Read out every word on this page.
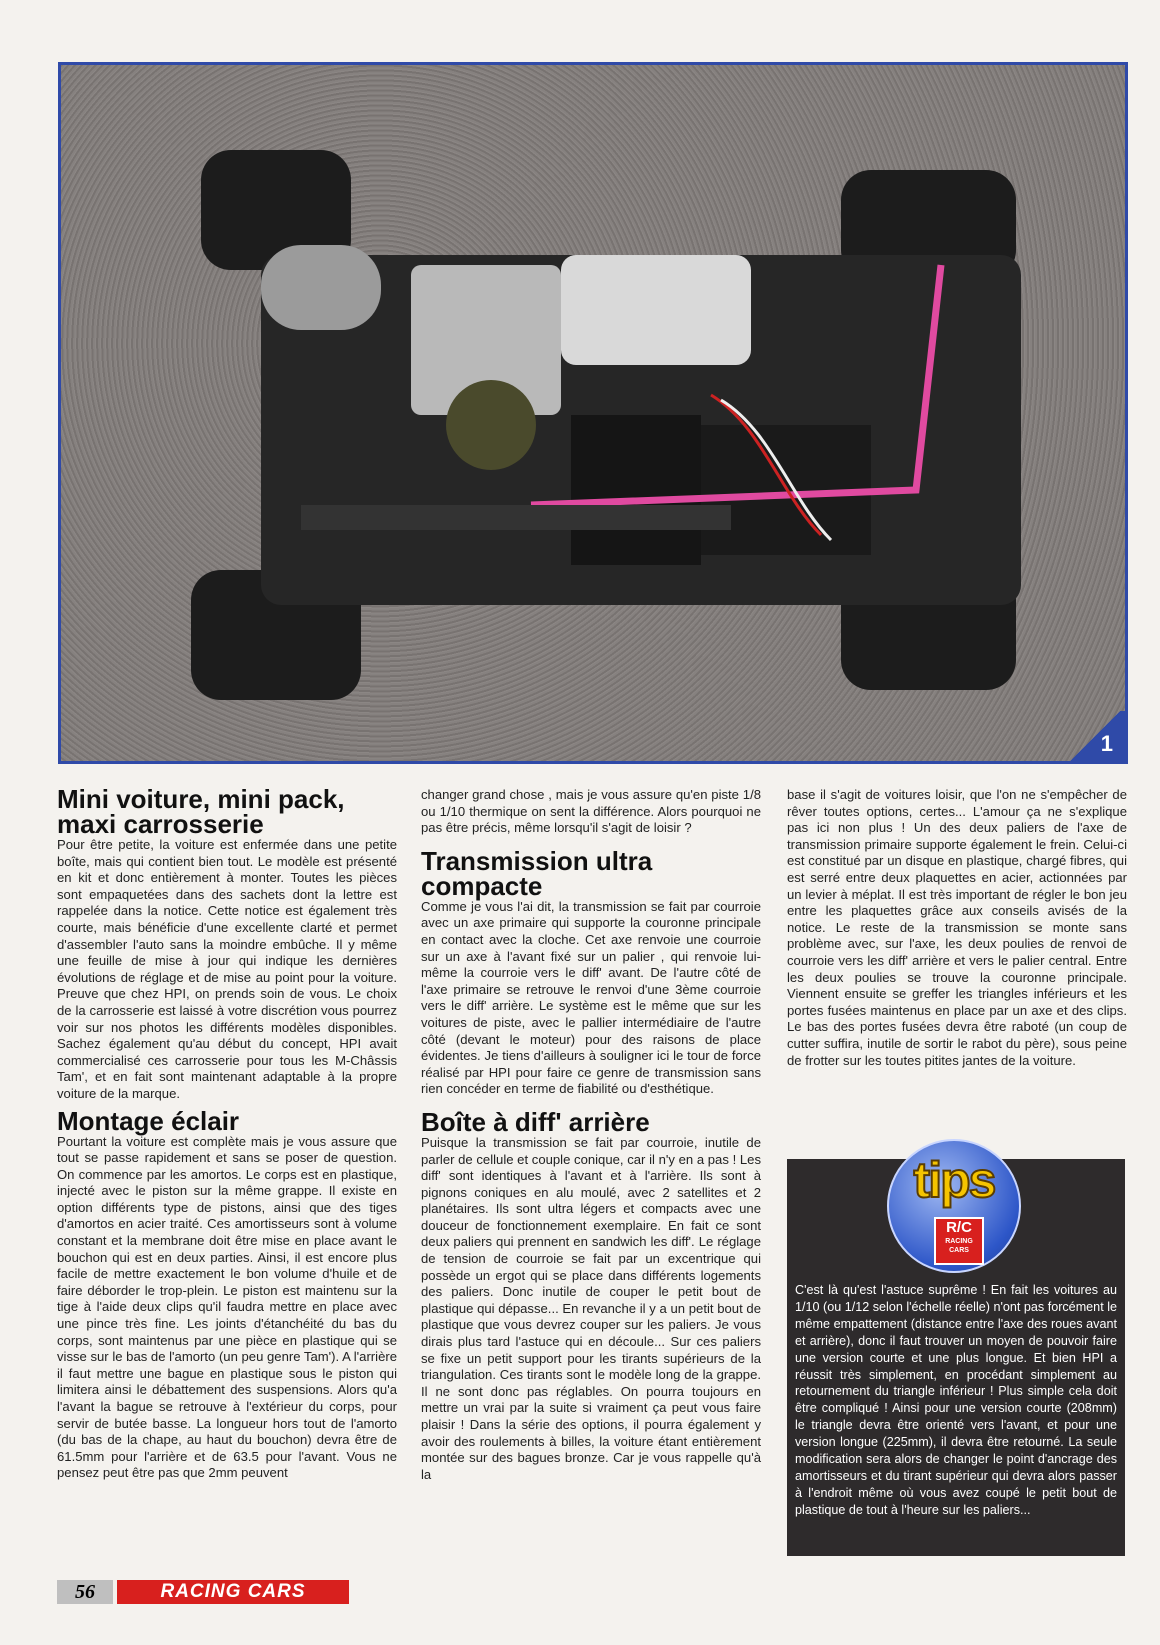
1
Mini voiture, mini pack, maxi carrosserie

Pour être petite, la voiture est enfermée dans une petite boîte, mais qui contient bien tout. Le modèle est présenté en kit et donc entièrement à monter. Toutes les pièces sont empaquetées dans des sachets dont la lettre est rappelée dans la notice. Cette notice est également très courte, mais bénéficie d'une excellente clarté et permet d'assembler l'auto sans la moindre embûche. Il y même une feuille de mise à jour qui indique les dernières évolutions de réglage et de mise au point pour la voiture. Preuve que chez HPI, on prends soin de vous. Le choix de la carrosserie est laissé à votre discrétion vous pourrez voir sur nos photos les différents modèles disponibles. Sachez également qu'au début du concept, HPI avait commercialisé ces carrosserie pour tous les M-Châssis Tam', et en fait sont maintenant adaptable à la propre voiture de la marque.

Montage éclair

Pourtant la voiture est complète mais je vous assure que tout se passe rapidement et sans se poser de question. On commence par les amortos. Le corps est en plastique, injecté avec le piston sur la même grappe. Il existe en option différents type de pistons, ainsi que des tiges d'amortos en acier traité. Ces amortisseurs sont à volume constant et la membrane doit être mise en place avant le bouchon qui est en deux parties. Ainsi, il est encore plus facile de mettre exactement le bon volume d'huile et de faire déborder le trop-plein. Le piston est maintenu sur la tige à l'aide deux clips qu'il faudra mettre en place avec une pince très fine. Les joints d'étanchéité du bas du corps, sont maintenus par une pièce en plastique qui se visse sur le bas de l'amorto (un peu genre Tam'). A l'arrière il faut mettre une bague en plastique sous le piston qui limitera ainsi le débattement des suspensions. Alors qu'a l'avant la bague se retrouve à l'extérieur du corps, pour servir de butée basse. La longueur hors tout de l'amorto (du bas de la chape, au haut du bouchon) devra être de 61.5mm pour l'arrière et de 63.5 pour l'avant. Vous ne pensez peut être pas que 2mm peuvent

changer grand chose , mais je vous assure qu'en piste 1/8 ou 1/10 thermique on sent la différence. Alors pourquoi ne pas être précis, même lorsqu'il s'agit de loisir ?

Transmission ultra compacte

Comme je vous l'ai dit, la transmission se fait par courroie avec un axe primaire qui supporte la couronne principale en contact avec la cloche. Cet axe renvoie une courroie sur un axe à l'avant fixé sur un palier , qui renvoie lui-même la courroie vers le diff' avant. De l'autre côté de l'axe primaire se retrouve le renvoi d'une 3ème courroie vers le diff' arrière. Le système est le même que sur les voitures de piste, avec le pallier intermédiaire de l'autre côté (devant le moteur) pour des raisons de place évidentes. Je tiens d'ailleurs à souligner ici le tour de force réalisé par HPI pour faire ce genre de transmission sans rien concéder en terme de fiabilité ou d'esthétique.

Boîte à diff' arrière

Puisque la transmission se fait par courroie, inutile de parler de cellule et couple conique, car il n'y en a pas ! Les diff' sont identiques à l'avant et à l'arrière. Ils sont à pignons coniques en alu moulé, avec 2 satellites et 2 planétaires. Ils sont ultra légers et compacts avec une douceur de fonctionnement exemplaire. En fait ce sont deux paliers qui prennent en sandwich les diff'. Le réglage de tension de courroie se fait par un excentrique qui possède un ergot qui se place dans différents logements des paliers. Donc inutile de couper le petit bout de plastique qui dépasse... En revanche il y a un petit bout de plastique que vous devrez couper sur les paliers. Je vous dirais plus tard l'astuce qui en découle... Sur ces paliers se fixe un petit support pour les tirants supérieurs de la triangulation. Ces tirants sont le modèle long de la grappe. Il ne sont donc pas réglables. On pourra toujours en mettre un vrai par la suite si vraiment ça peut vous faire plaisir ! Dans la série des options, il pourra également y avoir des roulements à billes, la voiture étant entièrement montée sur des bagues bronze. Car je vous rappelle qu'à la

base il s'agit de voitures loisir, que l'on ne s'empêcher de rêver toutes options, certes... L'amour ça ne s'explique pas ici non plus ! Un des deux paliers de l'axe de transmission primaire supporte également le frein. Celui-ci est constitué par un disque en plastique, chargé fibres, qui est serré entre deux plaquettes en acier, actionnées par un levier à méplat. Il est très important de régler le bon jeu entre les plaquettes grâce aux conseils avisés de la notice. Le reste de la transmission se monte sans problème avec, sur l'axe, les deux poulies de renvoi de courroie vers les diff' arrière et vers le palier central. Entre les deux poulies se trouve la couronne principale. Viennent ensuite se greffer les triangles inférieurs et les portes fusées maintenus en place par un axe et des clips. Le bas des portes fusées devra être raboté (un coup de cutter suffira, inutile de sortir le rabot du père), sous peine de frotter sur les toutes pitites jantes de la voiture.

tips
R/C
RACING
CARS

C'est là qu'est l'astuce suprême ! En fait les voitures au 1/10 (ou 1/12 selon l'échelle réelle) n'ont pas forcément le même empattement (distance entre l'axe des roues avant et arrière), donc il faut trouver un moyen de pouvoir faire une version courte et une plus longue. Et bien HPI a réussit très simplement, en procédant simplement au retournement du triangle inférieur ! Plus simple cela doit être compliqué ! Ainsi pour une version courte (208mm) le triangle devra être orienté vers l'avant, et pour une version longue (225mm), il devra être retourné. La seule modification sera alors de changer le point d'ancrage des amortisseurs et du tirant supérieur qui devra alors passer à l'endroit même où vous avez coupé le petit bout de plastique de tout à l'heure sur les paliers...

56	RACING CARS
